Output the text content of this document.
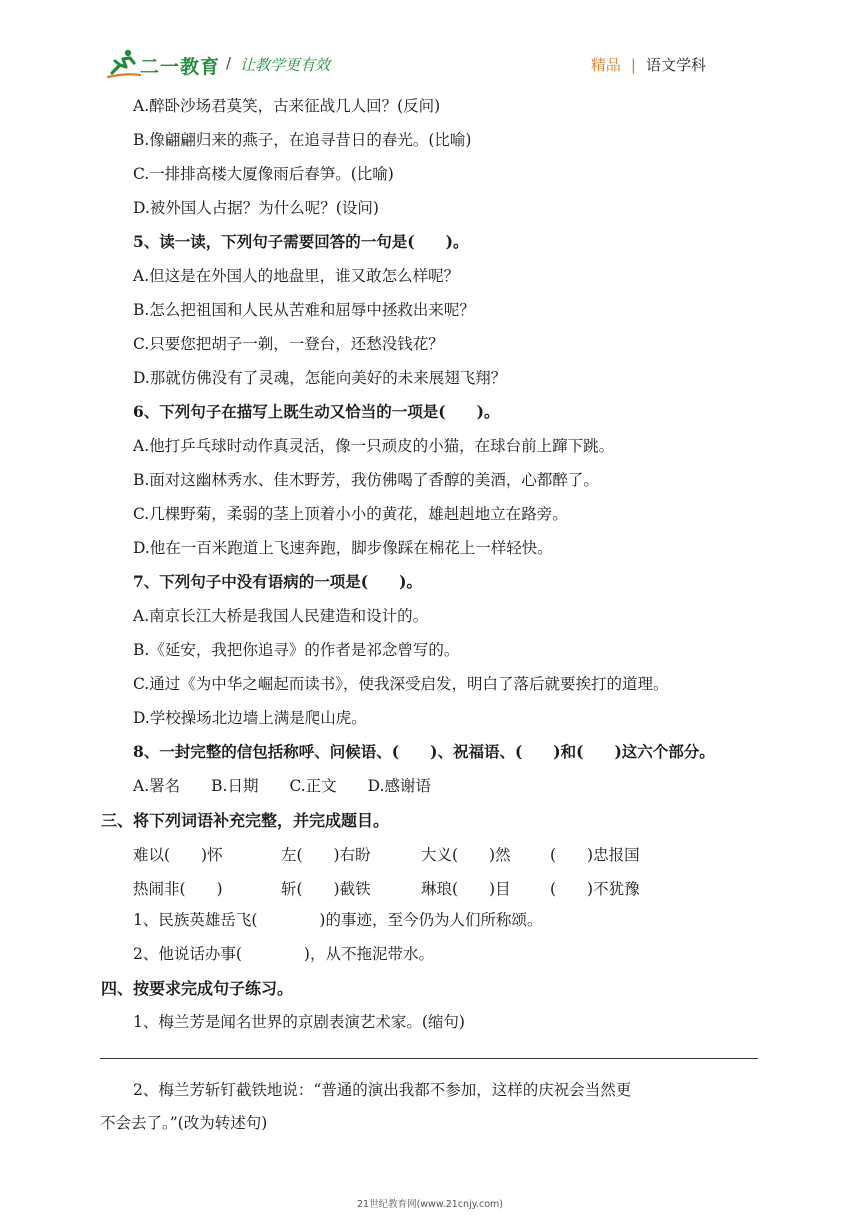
二一教育 / 让教学更有效	精品 | 语文学科
A.醉卧沙场君莫笑，古来征战几人回？(反问)
B.像翩翩归来的燕子，在追寻昔日的春光。(比喻)
C.一排排高楼大厦像雨后春笋。(比喻)
D.被外国人占据？为什么呢？(设问)
5、读一读，下列句子需要回答的一句是(　　)。
A.但这是在外国人的地盘里，谁又敢怎么样呢？
B.怎么把祖国和人民从苦难和屈辱中拯救出来呢？
C.只要您把胡子一剃，一登台，还愁没钱花？
D.那就仿佛没有了灵魂，怎能向美好的未来展翅飞翔？
6、下列句子在描写上既生动又恰当的一项是(　　)。
A.他打乒乓球时动作真灵活，像一只顽皮的小猫，在球台前上蹿下跳。
B.面对这幽林秀水、佳木野芳，我仿佛喝了香醇的美酒，心都醉了。
C.几棵野菊，柔弱的茎上顶着小小的黄花，雄赳赳地立在路旁。
D.他在一百米跑道上飞速奔跑，脚步像踩在棉花上一样轻快。
7、下列句子中没有语病的一项是(　　)。
A.南京长江大桥是我国人民建造和设计的。
B.《延安，我把你追寻》的作者是祁念曾写的。
C.通过《为中华之崛起而读书》，使我深受启发，明白了落后就要挨打的道理。
D.学校操场北边墙上满是爬山虎。
8、一封完整的信包括称呼、问候语、(　　)、祝福语、(　　)和(　　)这六个部分。
A.署名　　B.日期　　C.正文　　D.感谢语
三、将下列词语补充完整，并完成题目。
难以(　　)怀	左(　　)右盼	大义(　　)然	(　　)忠报国
热闹非(　　)	斩(　　)截铁	琳琅(　　)目	(　　)不犹豫
1、民族英雄岳飞(　　　　)的事迹，至今仍为人们所称颂。
2、他说话办事(　　　　)，从不拖泥带水。
四、按要求完成句子练习。
1、梅兰芳是闻名世界的京剧表演艺术家。(缩句)
2、梅兰芳斩钉截铁地说：“普通的演出我都不参加，这样的庆祝会当然更
不会去了。”(改为转述句)
21世纪教育网(www.21cnjy.com)
